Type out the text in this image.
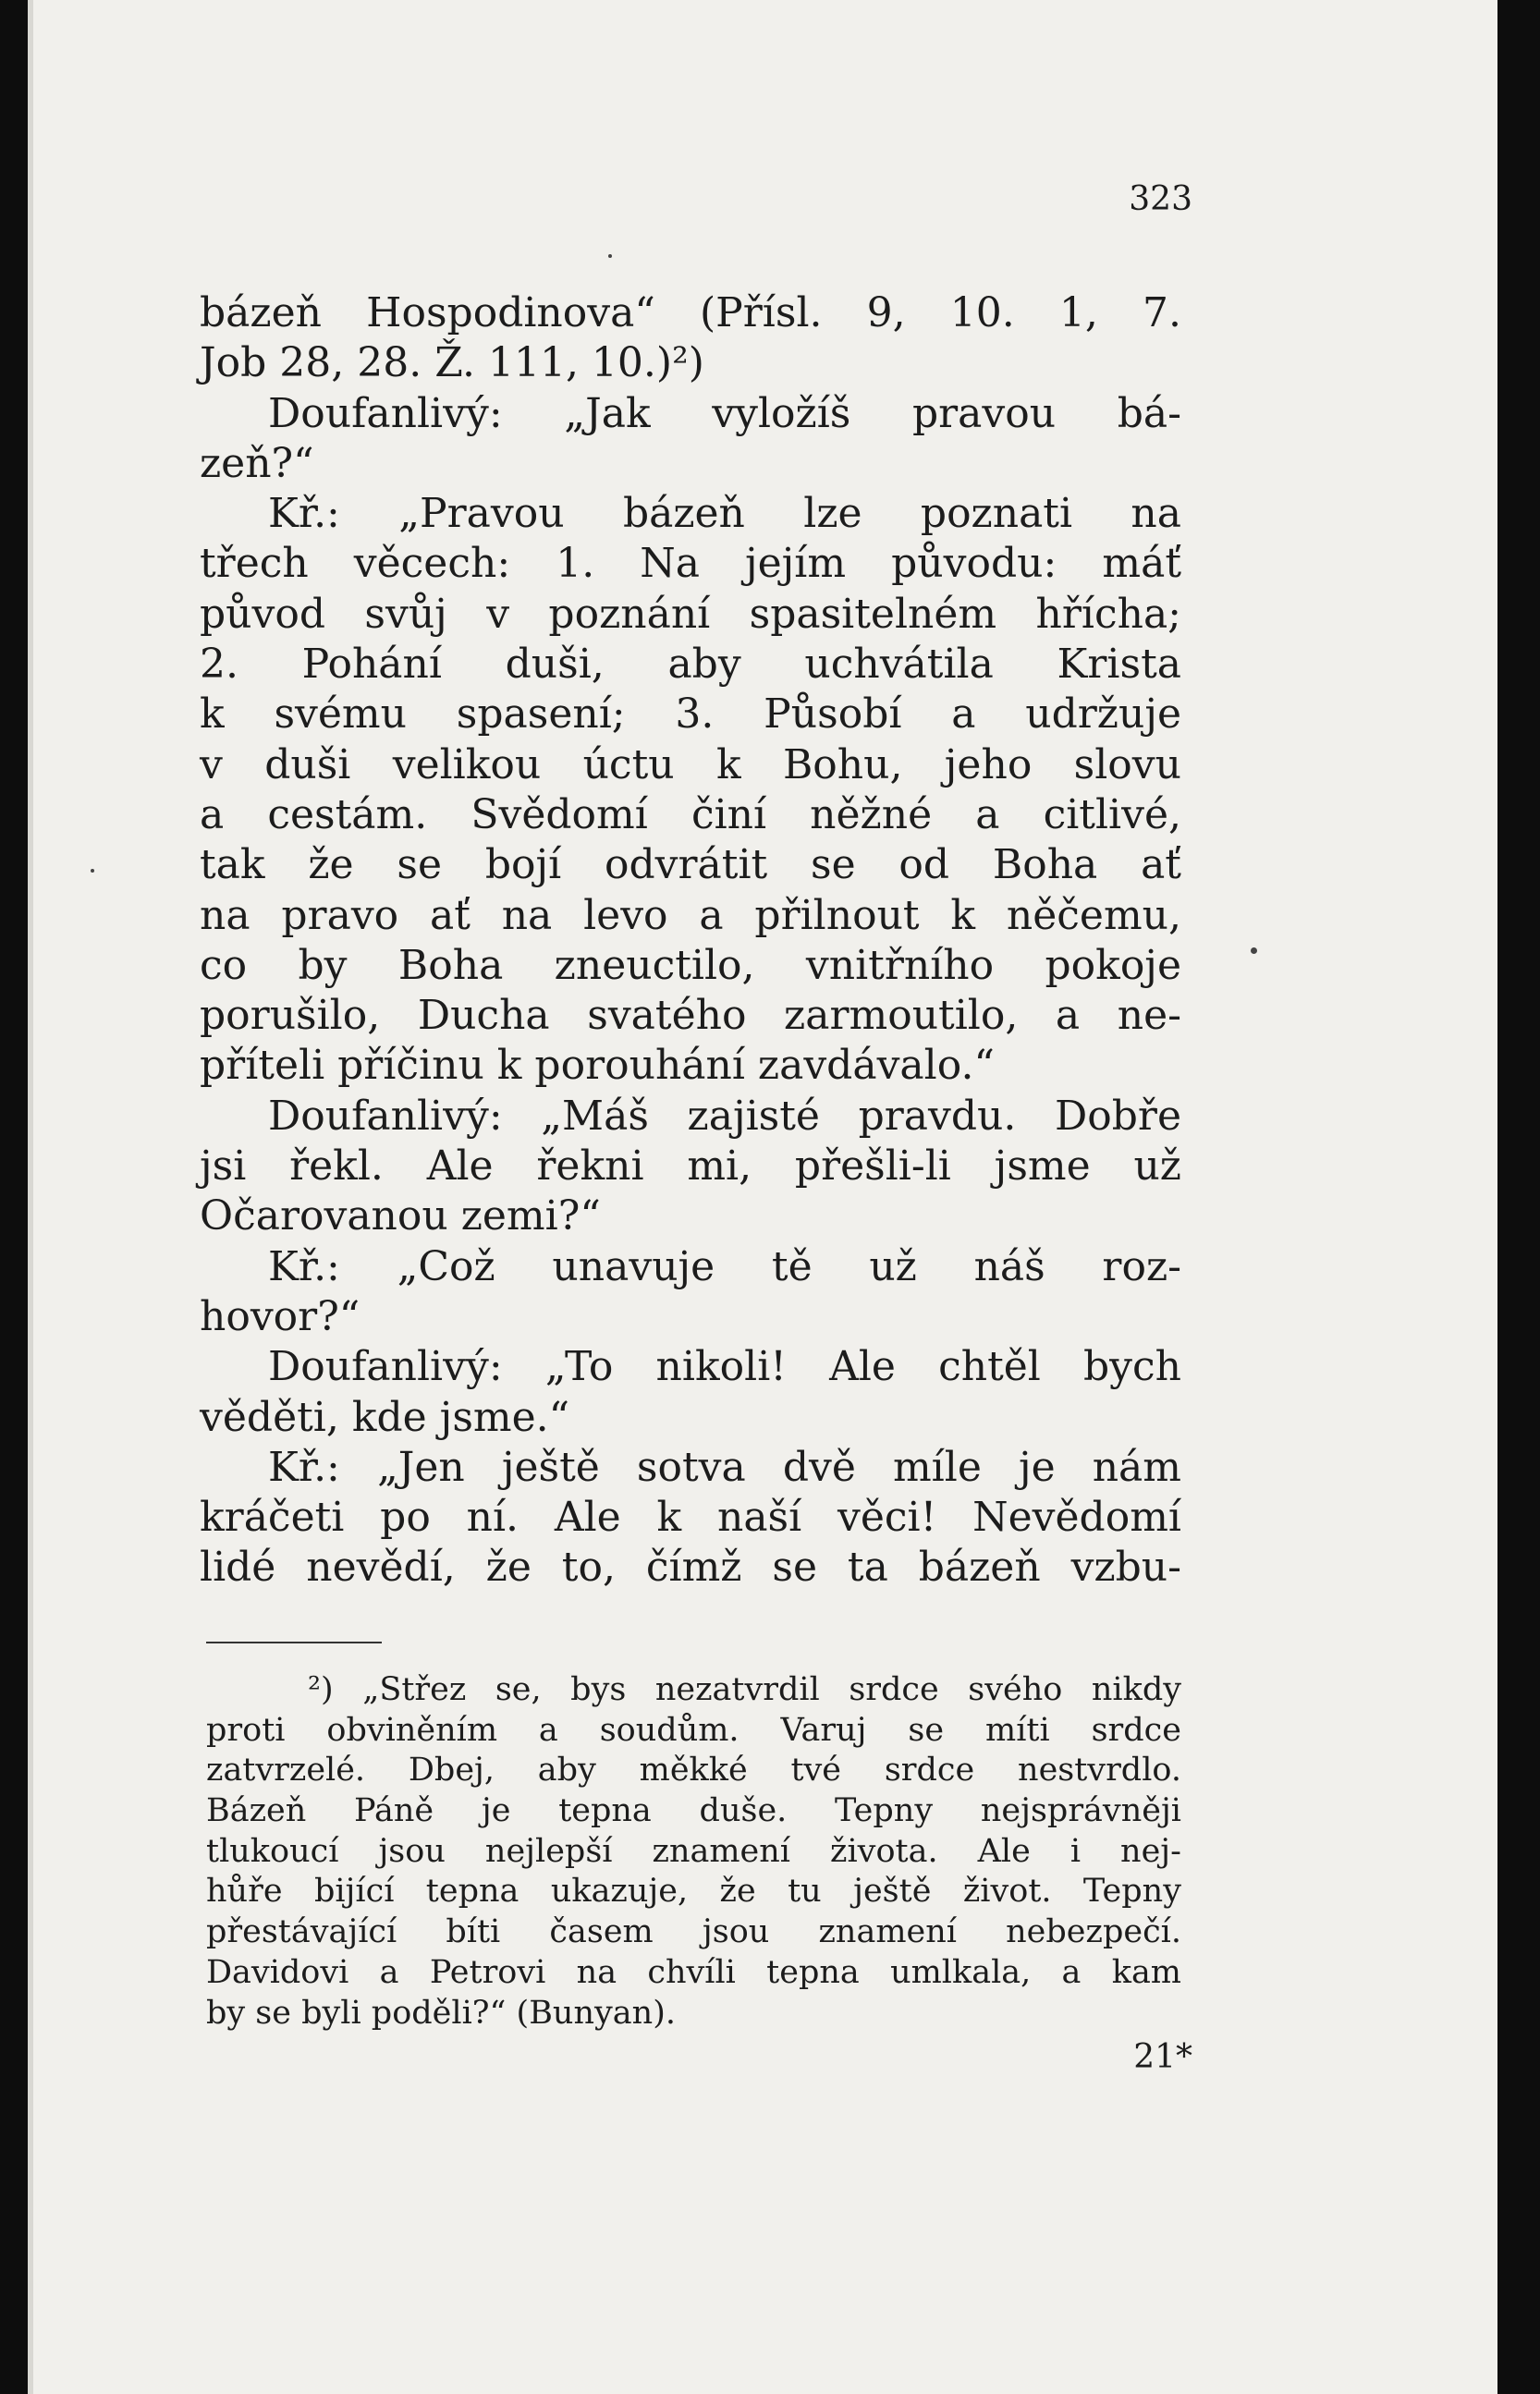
323
bázeň Hospodinova“ (Přísl. 9, 10. 1, 7.
Job 28, 28. Ž. 111, 10.)²)
Doufanlivý: „Jak vyložíš pravou bá-
zeň?“
Kř.: „Pravou bázeň lze poznati na
třech věcech: 1. Na jejím původu: máť
původ svůj v poznání spasitelném hřícha;
2. Pohání duši, aby uchvátila Krista
k svému spasení; 3. Působí a udržuje
v duši velikou úctu k Bohu, jeho slovu
a cestám. Svědomí činí něžné a citlivé,
tak že se bojí odvrátit se od Boha ať
na pravo ať na levo a přilnout k něčemu,
co by Boha zneuctilo, vnitřního pokoje
porušilo, Ducha svatého zarmoutilo, a ne-
příteli příčinu k porouhání zavdávalo.“
Doufanlivý: „Máš zajisté pravdu. Dobře
jsi řekl. Ale řekni mi, přešli-li jsme už
Očarovanou zemi?“
Kř.: „Což unavuje tě už náš roz-
hovor?“
Doufanlivý: „To nikoli! Ale chtěl bych
věděti, kde jsme.“
Kř.: „Jen ještě sotva dvě míle je nám
kráčeti po ní. Ale k naší věci! Nevědomí
lidé nevědí, že to, čímž se ta bázeň vzbu-
²) „Střez se, bys nezatvrdil srdce svého nikdy
proti obviněním a soudům. Varuj se míti srdce
zatvrzelé. Dbej, aby měkké tvé srdce nestvrdlo.
Bázeň Páně je tepna duše. Tepny nejsprávněji
tlukoucí jsou nejlepší znamení života. Ale i nej-
hůře bijící tepna ukazuje, že tu ještě život. Tepny
přestávající bíti časem jsou znamení nebezpečí.
Davidovi a Petrovi na chvíli tepna umlkala, a kam
by se byli poděli?“ (Bunyan).
21*
